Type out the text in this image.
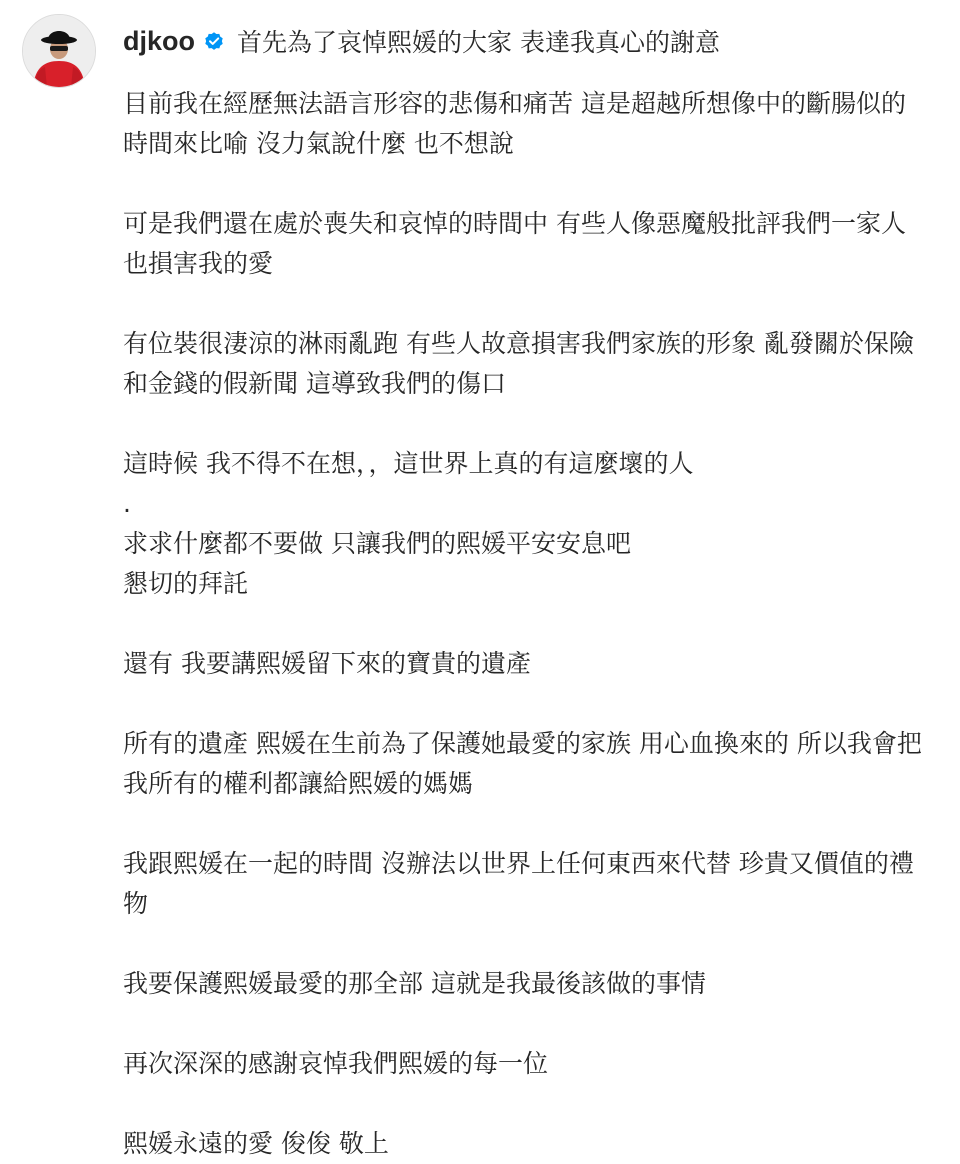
djkoo 首先為了哀悼熙媛的大家 表達我真心的謝意

目前我在經歷無法語言形容的悲傷和痛苦 這是超越所想像中的斷腸似的時間來比喻 沒力氣說什麼 也不想說

可是我們還在處於喪失和哀悼的時間中 有些人像惡魔般批評我們一家人 也損害我的愛

有位裝很淒涼的淋雨亂跑 有些人故意損害我們家族的形象 亂發關於保險和金錢的假新聞 這導致我們的傷口

這時候 我不得不在想，，這世界上真的有這麼壞的人

.

求求什麼都不要做 只讓我們的熙媛平安安息吧
懇切的拜託

還有 我要講熙媛留下來的寶貴的遺產

所有的遺產 熙媛在生前為了保護她最愛的家族 用心血換來的 所以我會把我所有的權利都讓給熙媛的媽媽

我跟熙媛在一起的時間 沒辦法以世界上任何東西來代替 珍貴又價值的禮物

我要保護熙媛最愛的那全部 這就是我最後該做的事情

再次深深的感謝哀悼我們熙媛的每一位

熙媛永遠的愛 俊俊 敬上
